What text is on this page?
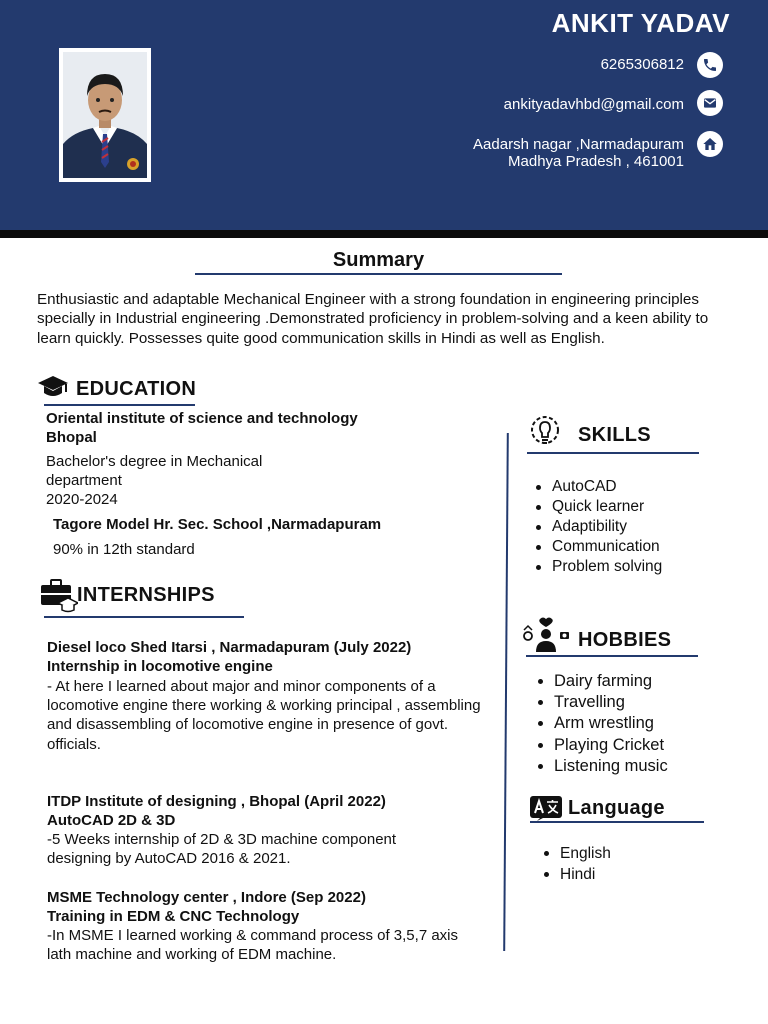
ANKIT YADAV
6265306812
ankityadavhbd@gmail.com
Aadarsh nagar ,Narmadapuram
Madhya Pradesh , 461001
Summary
Enthusiastic and adaptable Mechanical Engineer with a strong foundation in engineering principles specially in Industrial engineering .Demonstrated proficiency in problem-solving and a keen ability to learn quickly. Possesses quite good communication skills in Hindi as well as English.
EDUCATION
Oriental institute of science and technology
Bhopal
Bachelor's degree in Mechanical
department
2020-2024
Tagore Model Hr. Sec. School ,Narmadapuram
90% in 12th standard
INTERNSHIPS
Diesel loco Shed Itarsi , Narmadapuram (July 2022)
Internship in locomotive engine
- At here I learned about major and minor components of a locomotive engine there working & working principal , assembling and disassembling of locomotive engine in presence of govt. officials.
ITDP Institute of designing , Bhopal (April 2022)
AutoCAD 2D & 3D
-5 Weeks internship of 2D & 3D machine component designing by AutoCAD 2016 & 2021.
MSME Technology center , Indore (Sep 2022)
Training in EDM & CNC Technology
-In MSME I learned working & command process of 3,5,7 axis lath machine and working of EDM machine.
SKILLS
AutoCAD
Quick learner
Adaptibility
Communication
Problem solving
HOBBIES
Dairy farming
Travelling
Arm wrestling
Playing Cricket
Listening music
Language
English
Hindi
